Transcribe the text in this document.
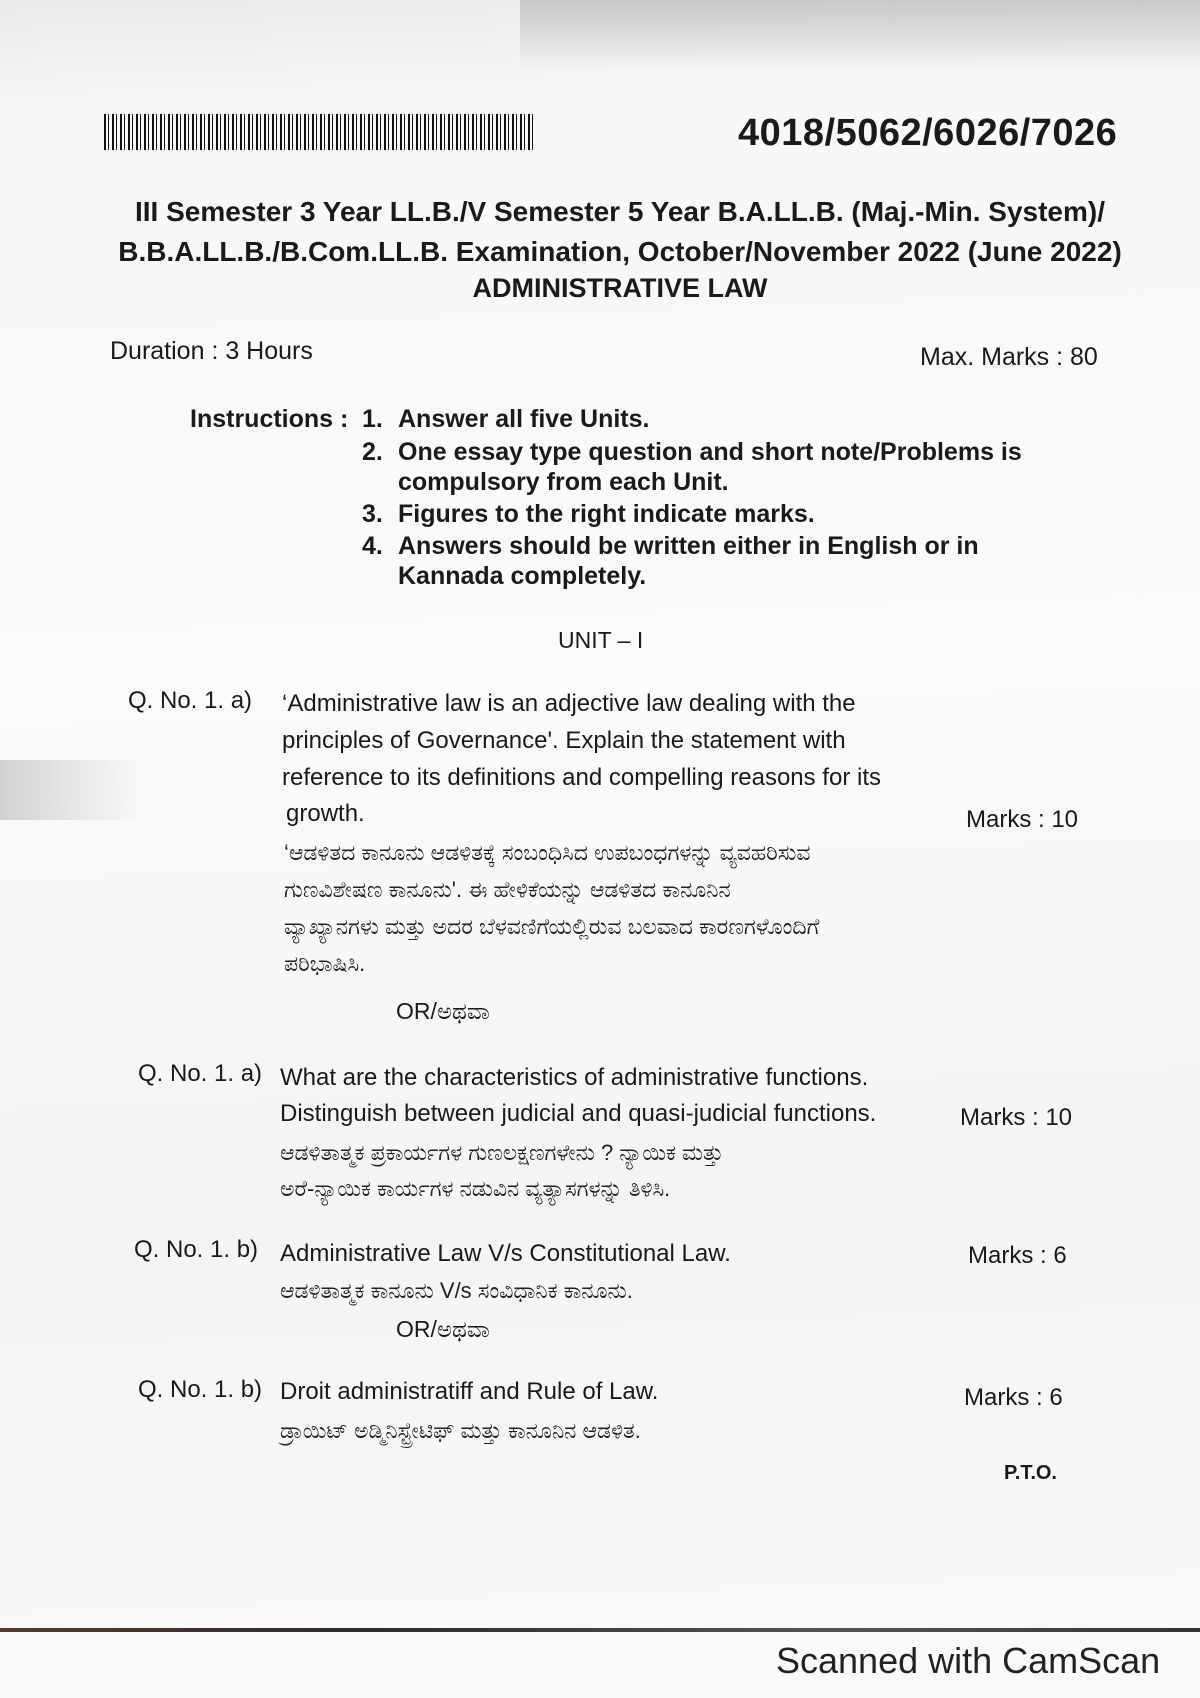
4018/5062/6026/7026
III Semester 3 Year LL.B./V Semester 5 Year B.A.LL.B. (Maj.-Min. System)/
B.B.A.LL.B./B.Com.LL.B. Examination, October/November 2022 (June 2022)
ADMINISTRATIVE LAW
Duration : 3 Hours	Max. Marks : 80
Instructions : 1. Answer all five Units.
2. One essay type question and short note/Problems is
compulsory from each Unit.
3. Figures to the right indicate marks.
4. Answers should be written either in English or in
Kannada completely.
UNIT – I
Q. No. 1. a) ‘Administrative law is an adjective law dealing with the
principles of Governance'. Explain the statement with
reference to its definitions and compelling reasons for its
growth.	Marks : 10
‘ಆಡಳಿತದ ಕಾನೂನು ಆಡಳಿತಕ್ಕೆ ಸಂಬಂಧಿಸಿದ ಉಪಬಂಧಗಳನ್ನು ವ್ಯವಹರಿಸುವ
ಗುಣವಿಶೇಷಣ ಕಾನೂನು'. ಈ ಹೇಳಿಕೆಯನ್ನು ಆಡಳಿತದ ಕಾನೂನಿನ
ವ್ಯಾಖ್ಯಾನಗಳು ಮತ್ತು ಅದರ ಬೆಳವಣಿಗೆಯಲ್ಲಿರುವ ಬಲವಾದ ಕಾರಣಗಳೊಂದಿಗೆ
ಪರಿಭಾಷಿಸಿ.
OR/ಅಥವಾ
Q. No. 1. a) What are the characteristics of administrative functions.
Distinguish between judicial and quasi-judicial functions.	Marks : 10
ಆಡಳಿತಾತ್ಮಕ ಪ್ರಕಾರ್ಯಗಳ ಗುಣಲಕ್ಷಣಗಳೇನು ? ನ್ಯಾಯಿಕ ಮತ್ತು
ಅರೆ-ನ್ಯಾಯಿಕ ಕಾರ್ಯಗಳ ನಡುವಿನ ವ್ಯತ್ಯಾಸಗಳನ್ನು ತಿಳಿಸಿ.
Q. No. 1. b) Administrative Law V/s Constitutional Law.	Marks : 6
ಆಡಳಿತಾತ್ಮಕ ಕಾನೂನು V/s ಸಂವಿಧಾನಿಕ ಕಾನೂನು.
OR/ಅಥವಾ
Q. No. 1. b) Droit administratiff and Rule of Law.	Marks : 6
ಡ್ರಾಯಿಟ್ ಅಡ್ಮಿನಿಸ್ಟ್ರೇಟಿಫ್ ಮತ್ತು ಕಾನೂನಿನ ಆಡಳಿತ.
P.T.O.
Scanned with CamScan
